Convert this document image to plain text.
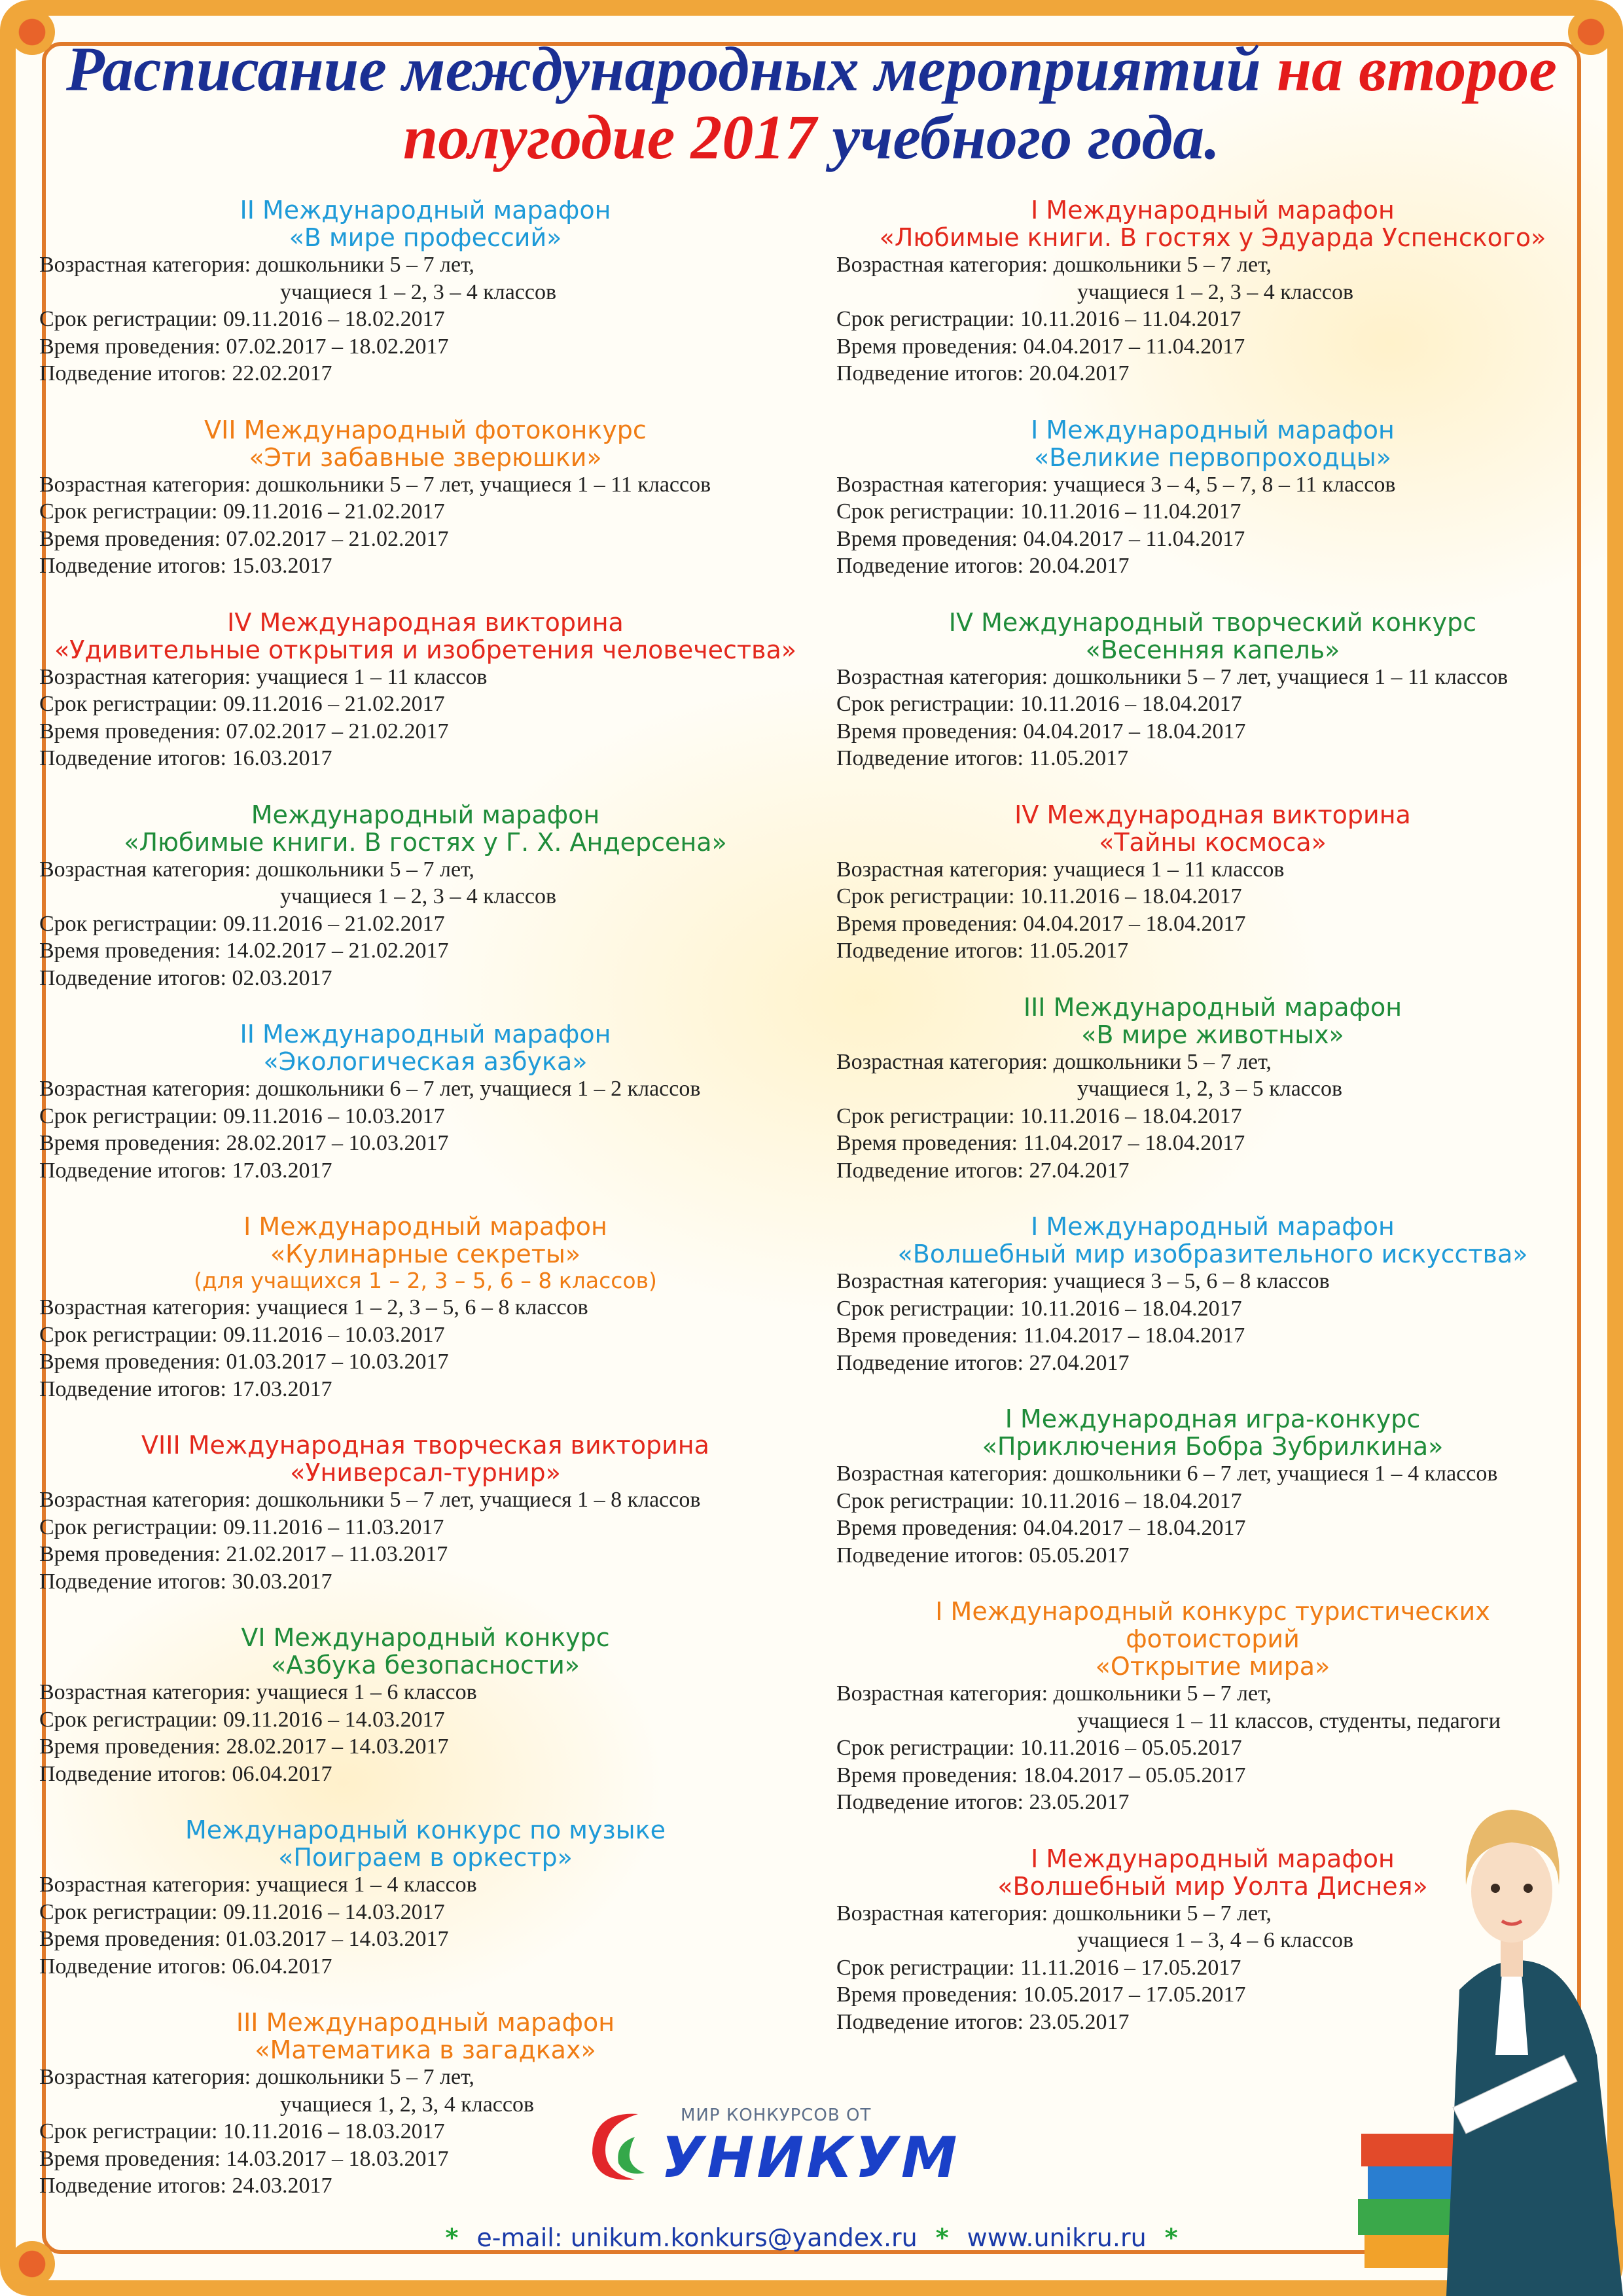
Расписание международных мероприятий на второе
полугодие 2017 учебного года.
II Международный марафон
«В мире профессий»
Возрастная категория: дошкольники 5 – 7 лет,
учащиеся 1 – 2, 3 – 4 классов
Срок регистрации: 09.11.2016 – 18.02.2017
Время проведения: 07.02.2017 – 18.02.2017
Подведение итогов: 22.02.2017
VII Международный фотоконкурс
«Эти забавные зверюшки»
Возрастная категория: дошкольники 5 – 7 лет, учащиеся 1 – 11 классов
Срок регистрации: 09.11.2016 – 21.02.2017
Время проведения: 07.02.2017 – 21.02.2017
Подведение итогов: 15.03.2017
IV Международная викторина
«Удивительные открытия и изобретения человечества»
Возрастная категория: учащиеся 1 – 11 классов
Срок регистрации: 09.11.2016 – 21.02.2017
Время проведения: 07.02.2017 – 21.02.2017
Подведение итогов: 16.03.2017
Международный марафон
«Любимые книги. В гостях у Г. Х. Андерсена»
Возрастная категория: дошкольники 5 – 7 лет,
учащиеся 1 – 2, 3 – 4 классов
Срок регистрации: 09.11.2016 – 21.02.2017
Время проведения: 14.02.2017 – 21.02.2017
Подведение итогов: 02.03.2017
II Международный марафон
«Экологическая азбука»
Возрастная категория: дошкольники 6 – 7 лет, учащиеся 1 – 2 классов
Срок регистрации: 09.11.2016 – 10.03.2017
Время проведения: 28.02.2017 – 10.03.2017
Подведение итогов: 17.03.2017
I Международный марафон
«Кулинарные секреты»
(для учащихся 1 – 2, 3 – 5, 6 – 8 классов)
Возрастная категория: учащиеся 1 – 2, 3 – 5, 6 – 8 классов
Срок регистрации: 09.11.2016 – 10.03.2017
Время проведения: 01.03.2017 – 10.03.2017
Подведение итогов: 17.03.2017
VIII Международная творческая викторина
«Универсал-турнир»
Возрастная категория: дошкольники 5 – 7 лет, учащиеся 1 – 8 классов
Срок регистрации: 09.11.2016 – 11.03.2017
Время проведения: 21.02.2017 – 11.03.2017
Подведение итогов: 30.03.2017
VI Международный конкурс
«Азбука безопасности»
Возрастная категория: учащиеся 1 – 6 классов
Срок регистрации: 09.11.2016 – 14.03.2017
Время проведения: 28.02.2017 – 14.03.2017
Подведение итогов: 06.04.2017
Международный конкурс по музыке
«Поиграем в оркестр»
Возрастная категория: учащиеся 1 – 4 классов
Срок регистрации: 09.11.2016 – 14.03.2017
Время проведения: 01.03.2017 – 14.03.2017
Подведение итогов: 06.04.2017
III Международный марафон
«Математика в загадках»
Возрастная категория: дошкольники 5 – 7 лет,
учащиеся 1, 2, 3, 4 классов
Срок регистрации: 10.11.2016 – 18.03.2017
Время проведения: 14.03.2017 – 18.03.2017
Подведение итогов: 24.03.2017
I Международный марафон
«Любимые книги. В гостях у Эдуарда Успенского»
Возрастная категория: дошкольники 5 – 7 лет,
учащиеся 1 – 2, 3 – 4 классов
Срок регистрации: 10.11.2016 – 11.04.2017
Время проведения: 04.04.2017 – 11.04.2017
Подведение итогов: 20.04.2017
I Международный марафон
«Великие первопроходцы»
Возрастная категория: учащиеся 3 – 4, 5 – 7, 8 – 11 классов
Срок регистрации: 10.11.2016 – 11.04.2017
Время проведения: 04.04.2017 – 11.04.2017
Подведение итогов: 20.04.2017
IV Международный творческий конкурс
«Весенняя капель»
Возрастная категория: дошкольники 5 – 7 лет, учащиеся 1 – 11 классов
Срок регистрации: 10.11.2016 – 18.04.2017
Время проведения: 04.04.2017 – 18.04.2017
Подведение итогов: 11.05.2017
IV Международная викторина
«Тайны космоса»
Возрастная категория: учащиеся 1 – 11 классов
Срок регистрации: 10.11.2016 – 18.04.2017
Время проведения: 04.04.2017 – 18.04.2017
Подведение итогов: 11.05.2017
III Международный марафон
«В мире животных»
Возрастная категория: дошкольники 5 – 7 лет,
учащиеся 1, 2, 3 – 5 классов
Срок регистрации: 10.11.2016 – 18.04.2017
Время проведения: 11.04.2017 – 18.04.2017
Подведение итогов: 27.04.2017
I Международный марафон
«Волшебный мир изобразительного искусства»
Возрастная категория: учащиеся 3 – 5, 6 – 8 классов
Срок регистрации: 10.11.2016 – 18.04.2017
Время проведения: 11.04.2017 – 18.04.2017
Подведение итогов: 27.04.2017
I Международная игра-конкурс
«Приключения Бобра Зубрилкина»
Возрастная категория: дошкольники 6 – 7 лет, учащиеся 1 – 4 классов
Срок регистрации: 10.11.2016 – 18.04.2017
Время проведения: 04.04.2017 – 18.04.2017
Подведение итогов: 05.05.2017
I Международный конкурс туристических
фотоисторий
«Открытие мира»
Возрастная категория: дошкольники 5 – 7 лет,
учащиеся 1 – 11 классов, студенты, педагоги
Срок регистрации: 10.11.2016 – 05.05.2017
Время проведения: 18.04.2017 – 05.05.2017
Подведение итогов: 23.05.2017
I Международный марафон
«Волшебный мир Уолта Диснея»
Возрастная категория: дошкольники 5 – 7 лет,
учащиеся 1 – 3, 4 – 6 классов
Срок регистрации: 11.11.2016 – 17.05.2017
Время проведения: 10.05.2017 – 17.05.2017
Подведение итогов: 23.05.2017
МИР КОНКУРСОВ ОТ
УНИКУМ
* e-mail: unikum.konkurs@yandex.ru * www.unikru.ru *
